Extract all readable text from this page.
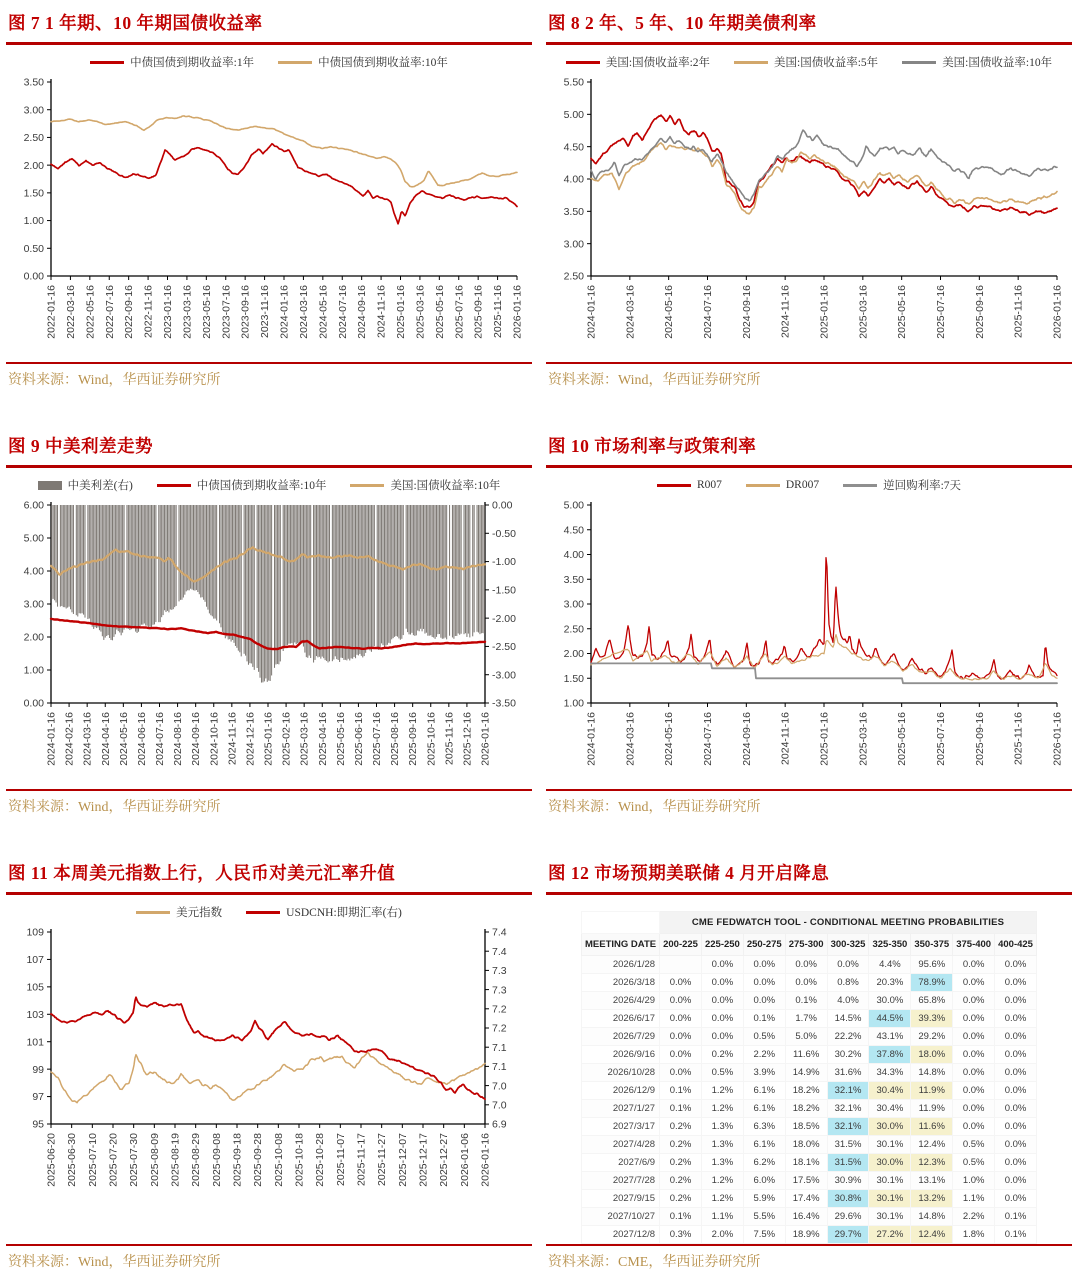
图 7 1 年期、10 年期国债收益率
中债国债到期收益率:1年	中债国债到期收益率:10年
3.50
3.00
2.50
2.00
1.50
1.00
0.50
0.00
2022-01-16 2022-03-16 2022-05-16 2022-07-16 2022-09-16 2022-11-16 2023-01-16 2023-03-16 2023-05-16 2023-07-16 2023-09-16 2023-11-16 2024-01-16 2024-03-16 2024-05-16 2024-07-16 2024-09-16 2024-11-16 2025-01-16 2025-03-16 2025-05-16 2025-07-16 2025-09-16 2025-11-16 2026-01-16

资料来源：Wind，华西证券研究所

图 8 2 年、5 年、10 年期美债利率
美国:国债收益率:2年	美国:国债收益率:5年	美国:国债收益率:10年
5.50
5.00
4.50
4.00
3.50
3.00
2.50
2024-01-16	2024-03-16	2024-05-16	2024-07-16	2024-09-16	2024-11-16	2025-01-16	2025-03-16	2025-05-16	2025-07-16	2025-09-16	2025-11-16	2026-01-16

资料来源：Wind，华西证券研究所

图 9 中美利差走势
中美利差(右)	中债国债到期收益率:10年	美国:国债收益率:10年
6.00
5.00
4.00
3.00
2.00
1.00
0.00
0.00
-0.50
-1.00
-1.50
-2.00
-2.50
-3.00
-3.50
2024-01-16 2024-02-16 2024-03-16 2024-04-16 2024-05-16 2024-06-16 2024-07-16 2024-08-16 2024-09-16 2024-10-16 2024-11-16 2024-12-16 2025-01-16 2025-02-16 2025-03-16 2025-04-16 2025-05-16 2025-06-16 2025-07-16 2025-08-16 2025-09-16 2025-10-16 2025-11-16 2025-12-16 2026-01-16

资料来源：Wind，华西证券研究所

图 10 市场利率与政策利率
R007	DR007	逆回购利率:7天
5.00
4.50
4.00
3.50
3.00
2.50
2.00
1.50
1.00
2024-01-16	2024-03-16	2024-05-16	2024-07-16	2024-09-16	2024-11-16	2025-01-16	2025-03-16	2025-05-16	2025-07-16	2025-09-16	2025-11-16	2026-01-16

资料来源：Wind，华西证券研究所

图 11 本周美元指数上行，人民币对美元汇率升值
美元指数	USDCNH:即期汇率(右)
109
107
105
103
101
99
97
95
7.4
7.4
7.3
7.3
7.2
7.2
7.1
7.1
7.0
7.0
6.9
2025-06-20 2025-06-30 2025-07-10 2025-07-20 2025-07-30 2025-08-09 2025-08-19 2025-08-29 2025-09-08 2025-09-18 2025-09-28 2025-10-08 2025-10-18 2025-10-28 2025-11-07 2025-11-17 2025-11-27 2025-12-07 2025-12-17 2025-12-27 2026-01-06 2026-01-16

资料来源：Wind，华西证券研究所

图 12 市场预期美联储 4 月开启降息
	CME FEDWATCH TOOL - CONDITIONAL MEETING PROBABILITIES								
MEETING DATE	200-225	225-250	250-275	275-300	300-325	325-350	350-375	375-400	400-425
2026/1/28		0.0%	0.0%	0.0%	0.0%	4.4%	95.6%	0.0%	0.0%
2026/3/18	0.0%	0.0%	0.0%	0.0%	0.8%	20.3%	78.9%	0.0%	0.0%
2026/4/29	0.0%	0.0%	0.0%	0.1%	4.0%	30.0%	65.8%	0.0%	0.0%
2026/6/17	0.0%	0.0%	0.1%	1.7%	14.5%	44.5%	39.3%	0.0%	0.0%
2026/7/29	0.0%	0.0%	0.5%	5.0%	22.2%	43.1%	29.2%	0.0%	0.0%
2026/9/16	0.0%	0.2%	2.2%	11.6%	30.2%	37.8%	18.0%	0.0%	0.0%
2026/10/28	0.0%	0.5%	3.9%	14.9%	31.6%	34.3%	14.8%	0.0%	0.0%
2026/12/9	0.1%	1.2%	6.1%	18.2%	32.1%	30.4%	11.9%	0.0%	0.0%
2027/1/27	0.1%	1.2%	6.1%	18.2%	32.1%	30.4%	11.9%	0.0%	0.0%
2027/3/17	0.2%	1.3%	6.3%	18.5%	32.1%	30.0%	11.6%	0.0%	0.0%
2027/4/28	0.2%	1.3%	6.1%	18.0%	31.5%	30.1%	12.4%	0.5%	0.0%
2027/6/9	0.2%	1.3%	6.2%	18.1%	31.5%	30.0%	12.3%	0.5%	0.0%
2027/7/28	0.2%	1.2%	6.0%	17.5%	30.9%	30.1%	13.1%	1.0%	0.0%
2027/9/15	0.2%	1.2%	5.9%	17.4%	30.8%	30.1%	13.2%	1.1%	0.0%
2027/10/27	0.1%	1.1%	5.5%	16.4%	29.6%	30.1%	14.8%	2.2%	0.1%
2027/12/8	0.3%	2.0%	7.5%	18.9%	29.7%	27.2%	12.4%	1.8%	0.1%

资料来源：CME，华西证券研究所
